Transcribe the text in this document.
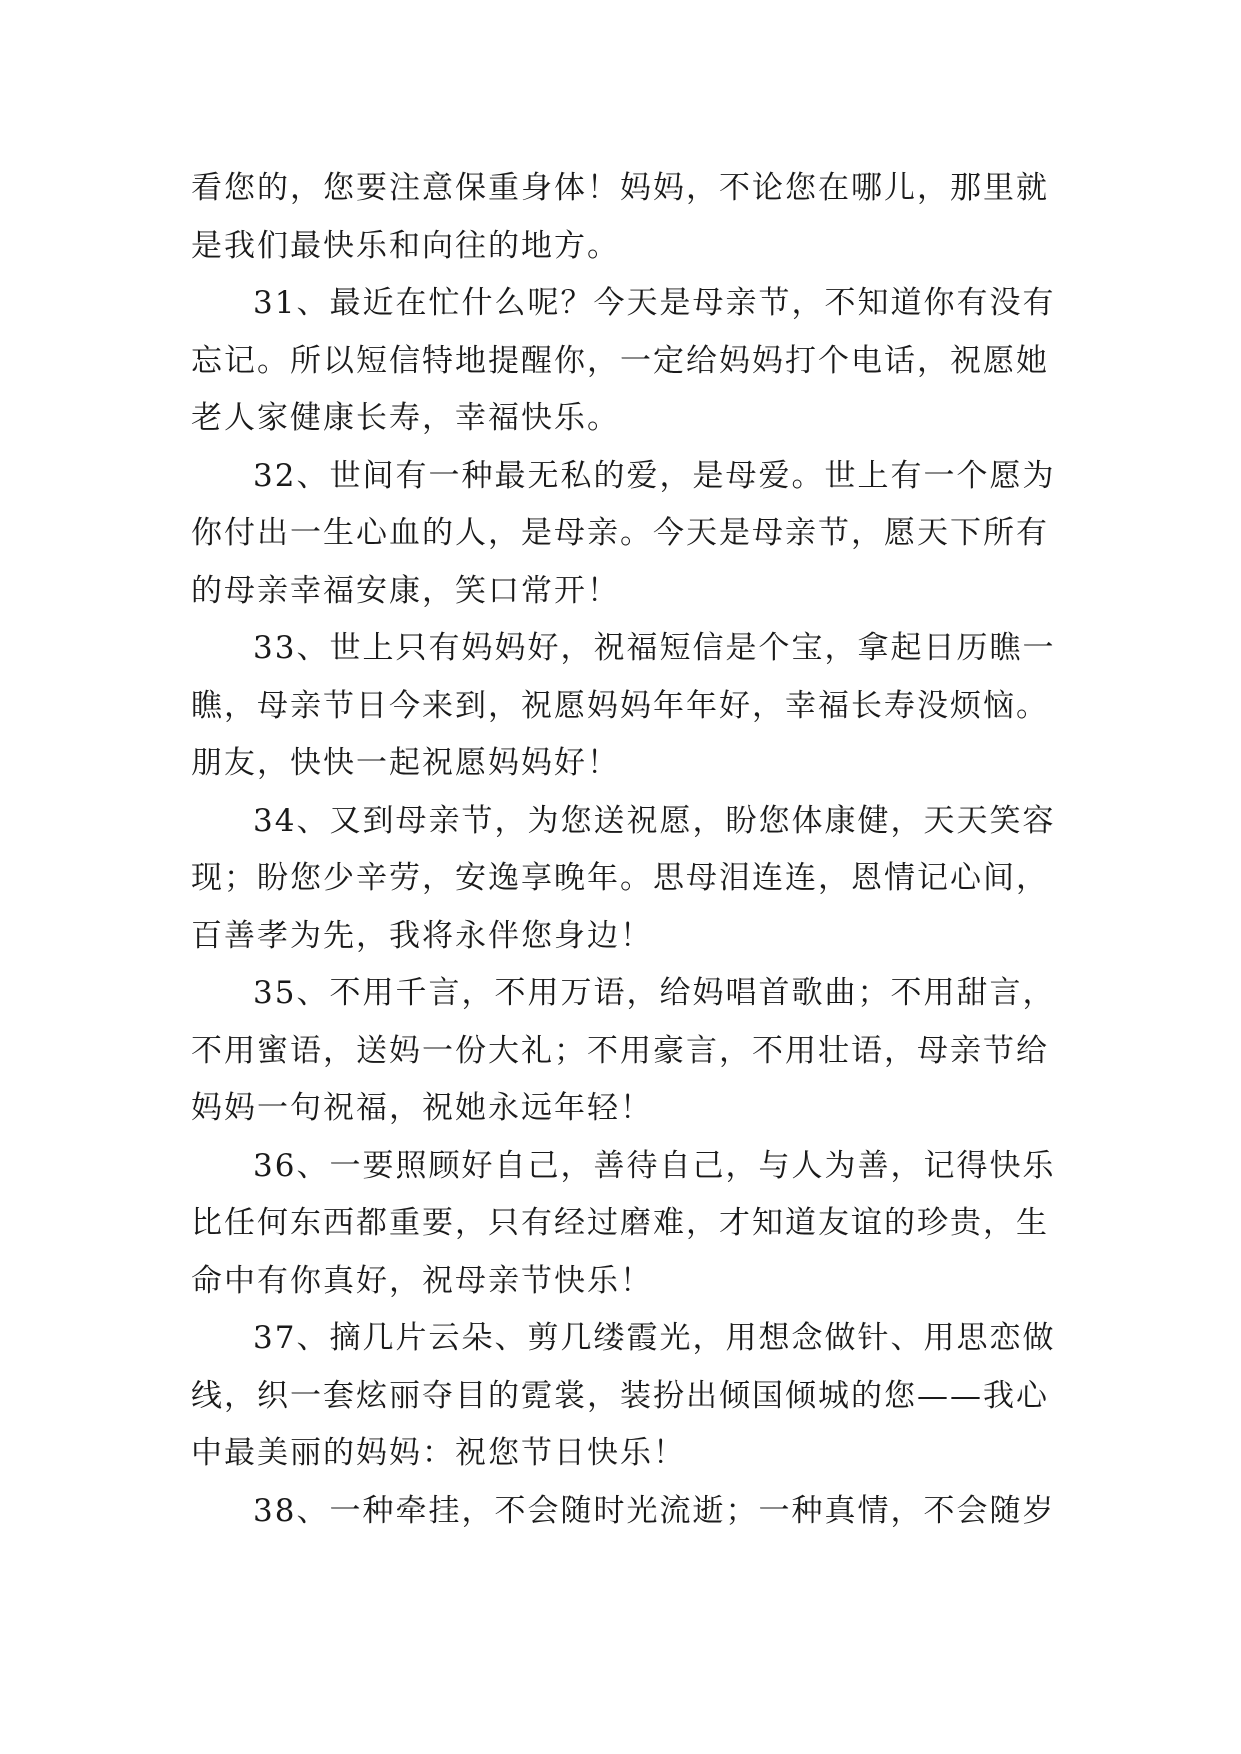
看您的，您要注意保重身体！妈妈，不论您在哪儿，那里就
是我们最快乐和向往的地方。
31、最近在忙什么呢？今天是母亲节，不知道你有没有
忘记。所以短信特地提醒你，一定给妈妈打个电话，祝愿她
老人家健康长寿，幸福快乐。
32、世间有一种最无私的爱，是母爱。世上有一个愿为
你付出一生心血的人，是母亲。今天是母亲节，愿天下所有
的母亲幸福安康，笑口常开！
33、世上只有妈妈好，祝福短信是个宝，拿起日历瞧一
瞧，母亲节日今来到，祝愿妈妈年年好，幸福长寿没烦恼。
朋友，快快一起祝愿妈妈好！
34、又到母亲节，为您送祝愿，盼您体康健，天天笑容
现；盼您少辛劳，安逸享晚年。思母泪连连，恩情记心间，
百善孝为先，我将永伴您身边！
35、不用千言，不用万语，给妈唱首歌曲；不用甜言，
不用蜜语，送妈一份大礼；不用豪言，不用壮语，母亲节给
妈妈一句祝福，祝她永远年轻！
36、一要照顾好自己，善待自己，与人为善，记得快乐
比任何东西都重要，只有经过磨难，才知道友谊的珍贵，生
命中有你真好，祝母亲节快乐！
37、摘几片云朵、剪几缕霞光，用想念做针、用思恋做
线，织一套炫丽夺目的霓裳，装扮出倾国倾城的您——我心
中最美丽的妈妈：祝您节日快乐！
38、一种牵挂，不会随时光流逝；一种真情，不会随岁
